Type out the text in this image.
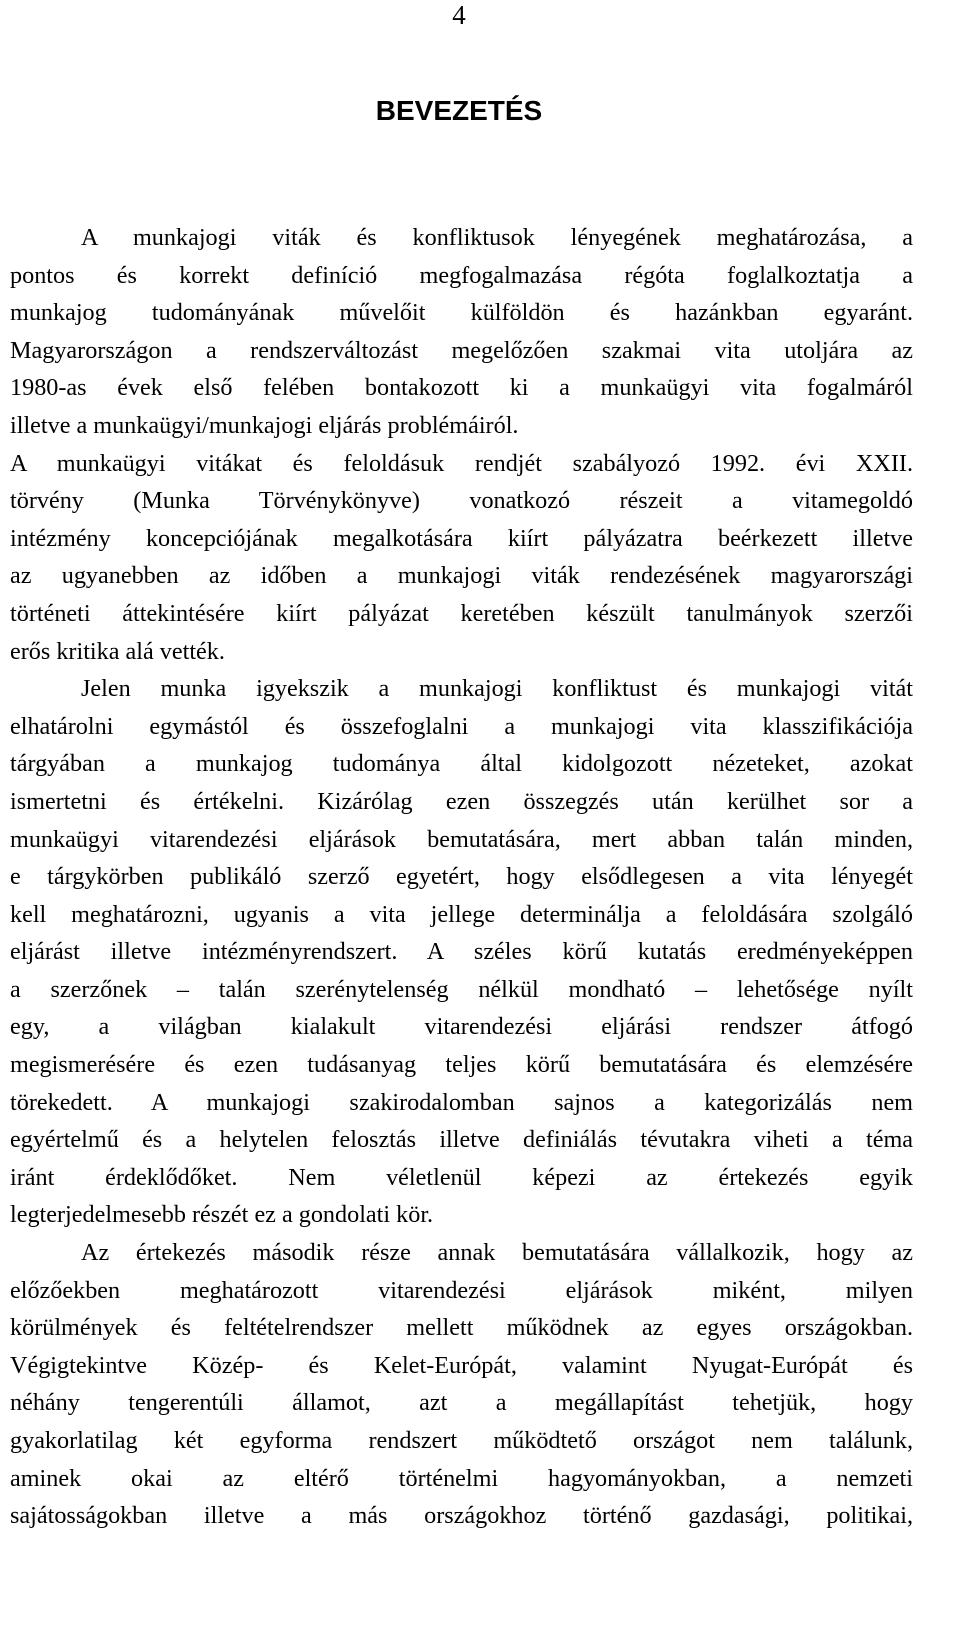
4
BEVEZETÉS
A munkajogi viták és konfliktusok lényegének meghatározása, a
pontos és korrekt definíció megfogalmazása régóta foglalkoztatja a
munkajog tudományának művelőit külföldön és hazánkban egyaránt.
Magyarországon a rendszerváltozást megelőzően szakmai vita utoljára az
1980-as évek első felében bontakozott ki a munkaügyi vita fogalmáról
illetve a munkaügyi/munkajogi eljárás problémáiról.
A munkaügyi vitákat és feloldásuk rendjét szabályozó 1992. évi XXII.
törvény (Munka Törvénykönyve) vonatkozó részeit a vitamegoldó
intézmény koncepciójának megalkotására kiírt pályázatra beérkezett illetve
az ugyanebben az időben a munkajogi viták rendezésének magyarországi
történeti áttekintésére kiírt pályázat keretében készült tanulmányok szerzői
erős kritika alá vették.
Jelen munka igyekszik a munkajogi konfliktust és munkajogi vitát
elhatárolni egymástól és összefoglalni a munkajogi vita klasszifikációja
tárgyában a munkajog tudománya által kidolgozott nézeteket, azokat
ismertetni és értékelni. Kizárólag ezen összegzés után kerülhet sor a
munkaügyi vitarendezési eljárások bemutatására, mert abban talán minden,
e tárgykörben publikáló szerző egyetért, hogy elsődlegesen a vita lényegét
kell meghatározni, ugyanis a vita jellege determinálja a feloldására szolgáló
eljárást illetve intézményrendszert. A széles körű kutatás eredményeképpen
a szerzőnek – talán szerénytelenség nélkül mondható – lehetősége nyílt
egy, a világban kialakult vitarendezési eljárási rendszer átfogó
megismerésére és ezen tudásanyag teljes körű bemutatására és elemzésére
törekedett. A munkajogi szakirodalomban sajnos a kategorizálás nem
egyértelmű és a helytelen felosztás illetve definiálás tévutakra viheti a téma
iránt érdeklődőket. Nem véletlenül képezi az értekezés egyik
legterjedelmesebb részét ez a gondolati kör.
Az értekezés második része annak bemutatására vállalkozik, hogy az
előzőekben meghatározott vitarendezési eljárások miként, milyen
körülmények és feltételrendszer mellett működnek az egyes országokban.
Végigtekintve Közép- és Kelet-Európát, valamint Nyugat-Európát és
néhány tengerentúli államot, azt a megállapítást tehetjük, hogy
gyakorlatilag két egyforma rendszert működtető országot nem találunk,
aminek okai az eltérő történelmi hagyományokban, a nemzeti
sajátosságokban illetve a más országokhoz történő gazdasági, politikai,
